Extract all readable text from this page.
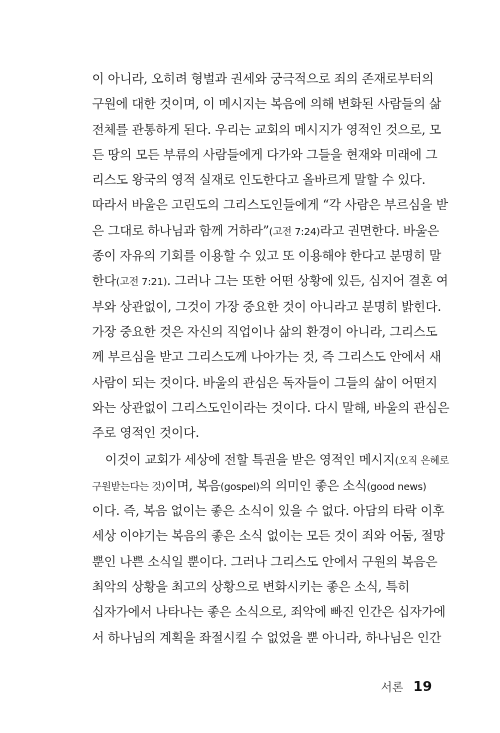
이 아니라, 오히려 형벌과 권세와 궁극적으로 죄의 존재로부터의
구원에 대한 것이며, 이 메시지는 복음에 의해 변화된 사람들의 삶
전체를 관통하게 된다. 우리는 교회의 메시지가 영적인 것으로, 모
든 땅의 모든 부류의 사람들에게 다가와 그들을 현재와 미래에 그
리스도 왕국의 영적 실재로 인도한다고 올바르게 말할 수 있다.
따라서 바울은 고린도의 그리스도인들에게 “각 사람은 부르심을 받
은 그대로 하나님과 함께 거하라”(고전 7:24)라고 권면한다. 바울은
종이 자유의 기회를 이용할 수 있고 또 이용해야 한다고 분명히 말
한다(고전 7:21). 그러나 그는 또한 어떤 상황에 있든, 심지어 결혼 여
부와 상관없이, 그것이 가장 중요한 것이 아니라고 분명히 밝힌다.
가장 중요한 것은 자신의 직업이나 삶의 환경이 아니라, 그리스도
께 부르심을 받고 그리스도께 나아가는 것, 즉 그리스도 안에서 새
사람이 되는 것이다. 바울의 관심은 독자들이 그들의 삶이 어떤지
와는 상관없이 그리스도인이라는 것이다. 다시 말해, 바울의 관심은
주로 영적인 것이다.
이것이 교회가 세상에 전할 특권을 받은 영적인 메시지(오직 은혜로
구원받는다는 것)이며, 복음(gospel)의 의미인 좋은 소식(good news)
이다. 즉, 복음 없이는 좋은 소식이 있을 수 없다. 아담의 타락 이후
세상 이야기는 복음의 좋은 소식 없이는 모든 것이 죄와 어둠, 절망
뿐인 나쁜 소식일 뿐이다. 그러나 그리스도 안에서 구원의 복음은
최악의 상황을 최고의 상황으로 변화시키는 좋은 소식, 특히
십자가에서 나타나는 좋은 소식으로, 죄악에 빠진 인간은 십자가에
서 하나님의 계획을 좌절시킬 수 없었을 뿐 아니라, 하나님은 인간
서론 19
